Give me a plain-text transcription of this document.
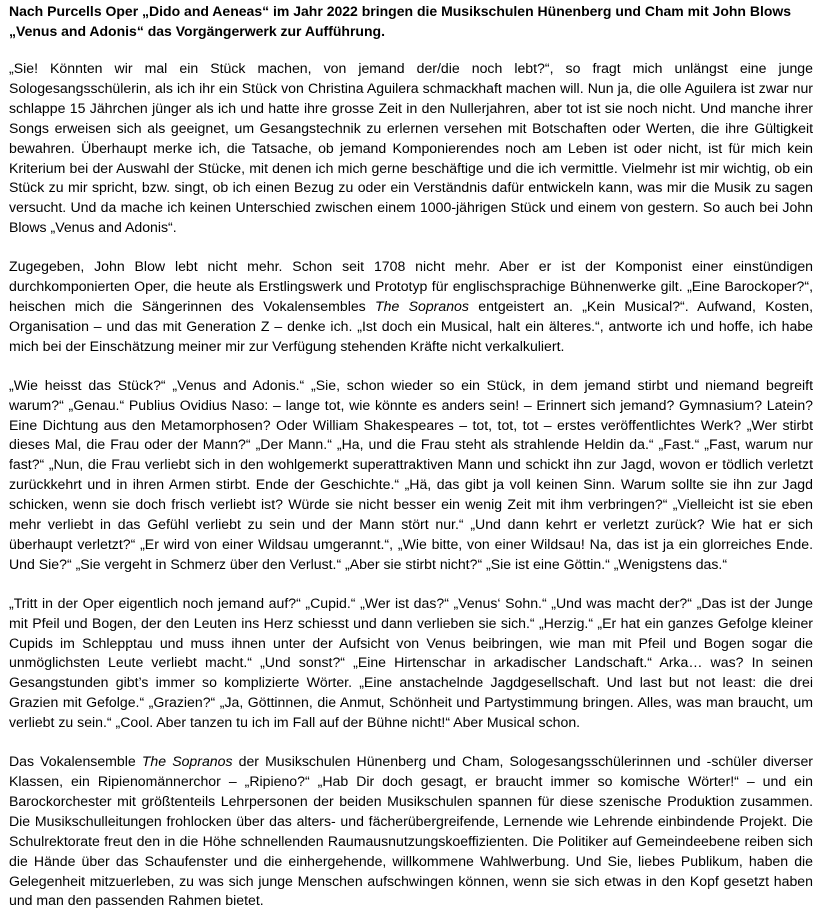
Nach Purcells Oper „Dido and Aeneas“ im Jahr 2022 bringen die Musikschulen Hünenberg und Cham mit John Blows „Venus and Adonis“ das Vorgängerwerk zur Aufführung.

„Sie! Könnten wir mal ein Stück machen, von jemand der/die noch lebt?“, so fragt mich unlängst eine junge Sologesangsschülerin, als ich ihr ein Stück von Christina Aguilera schmackhaft machen will. Nun ja, die olle Aguilera ist zwar nur schlappe 15 Jährchen jünger als ich und hatte ihre grosse Zeit in den Nullerjahren, aber tot ist sie noch nicht. Und manche ihrer Songs erweisen sich als geeignet, um Gesangstechnik zu erlernen versehen mit Botschaften oder Werten, die ihre Gültigkeit bewahren. Überhaupt merke ich, die Tatsache, ob jemand Komponierendes noch am Leben ist oder nicht, ist für mich kein Kriterium bei der Auswahl der Stücke, mit denen ich mich gerne beschäftige und die ich vermittle. Vielmehr ist mir wichtig, ob ein Stück zu mir spricht, bzw. singt, ob ich einen Bezug zu oder ein Verständnis dafür entwickeln kann, was mir die Musik zu sagen versucht. Und da mache ich keinen Unterschied zwischen einem 1000-jährigen Stück und einem von gestern. So auch bei John Blows „Venus and Adonis“.

Zugegeben, John Blow lebt nicht mehr. Schon seit 1708 nicht mehr. Aber er ist der Komponist einer einstündigen durchkomponierten Oper, die heute als Erstlingswerk und Prototyp für englischsprachige Bühnenwerke gilt. „Eine Barockoper?“, heischen mich die Sängerinnen des Vokalensembles The Sopranos entgeistert an. „Kein Musical?“. Aufwand, Kosten, Organisation – und das mit Generation Z – denke ich. „Ist doch ein Musical, halt ein älteres.“, antworte ich und hoffe, ich habe mich bei der Einschätzung meiner mir zur Verfügung stehenden Kräfte nicht verkalkuliert.

„Wie heisst das Stück?“ „Venus and Adonis.“ „Sie, schon wieder so ein Stück, in dem jemand stirbt und niemand begreift warum?“ „Genau.“ Publius Ovidius Naso: – lange tot, wie könnte es anders sein! – Erinnert sich jemand? Gymnasium? Latein? Eine Dichtung aus den Metamorphosen? Oder William Shakespeares – tot, tot, tot – erstes veröffentlichtes Werk? „Wer stirbt dieses Mal, die Frau oder der Mann?“ „Der Mann.“ „Ha, und die Frau steht als strahlende Heldin da.“ „Fast.“ „Fast, warum nur fast?“ „Nun, die Frau verliebt sich in den wohlgemerkt superattraktiven Mann und schickt ihn zur Jagd, wovon er tödlich verletzt zurückkehrt und in ihren Armen stirbt. Ende der Geschichte.“ „Hä, das gibt ja voll keinen Sinn. Warum sollte sie ihn zur Jagd schicken, wenn sie doch frisch verliebt ist? Würde sie nicht besser ein wenig Zeit mit ihm verbringen?“ „Vielleicht ist sie eben mehr verliebt in das Gefühl verliebt zu sein und der Mann stört nur.“ „Und dann kehrt er verletzt zurück? Wie hat er sich überhaupt verletzt?“ „Er wird von einer Wildsau umgerannt.“, „Wie bitte, von einer Wildsau! Na, das ist ja ein glorreiches Ende. Und Sie?“ „Sie vergeht in Schmerz über den Verlust.“ „Aber sie stirbt nicht?“ „Sie ist eine Göttin.“ „Wenigstens das.“

„Tritt in der Oper eigentlich noch jemand auf?“ „Cupid.“ „Wer ist das?“ „Venus‘ Sohn.“ „Und was macht der?“ „Das ist der Junge mit Pfeil und Bogen, der den Leuten ins Herz schiesst und dann verlieben sie sich.“ „Herzig.“ „Er hat ein ganzes Gefolge kleiner Cupids im Schlepptau und muss ihnen unter der Aufsicht von Venus beibringen, wie man mit Pfeil und Bogen sogar die unmöglichsten Leute verliebt macht.“ „Und sonst?“ „Eine Hirtenschar in arkadischer Landschaft.“ Arka… was? In seinen Gesangstunden gibt’s immer so komplizierte Wörter. „Eine anstachelnde Jagdgesellschaft. Und last but not least: die drei Grazien mit Gefolge.“ „Grazien?“ „Ja, Göttinnen, die Anmut, Schönheit und Partystimmung bringen. Alles, was man braucht, um verliebt zu sein.“ „Cool. Aber tanzen tu ich im Fall auf der Bühne nicht!“ Aber Musical schon.

Das Vokalensemble The Sopranos der Musikschulen Hünenberg und Cham, Sologesangsschülerinnen und -schüler diverser Klassen, ein Ripienomännerchor – „Ripieno?“ „Hab Dir doch gesagt, er braucht immer so komische Wörter!“ – und ein Barockorchester mit größtenteils Lehrpersonen der beiden Musikschulen spannen für diese szenische Produktion zusammen. Die Musikschulleitungen frohlocken über das alters- und fächerübergreifende, Lernende wie Lehrende einbindende Projekt. Die Schulrektorate freut den in die Höhe schnellenden Raumausnutzungskoeffizienten. Die Politiker auf Gemeindeebene reiben sich die Hände über das Schaufenster und die einhergehende, willkommene Wahlwerbung. Und Sie, liebes Publikum, haben die Gelegenheit mitzuerleben, zu was sich junge Menschen aufschwingen können, wenn sie sich etwas in den Kopf gesetzt haben und man den passenden Rahmen bietet.
